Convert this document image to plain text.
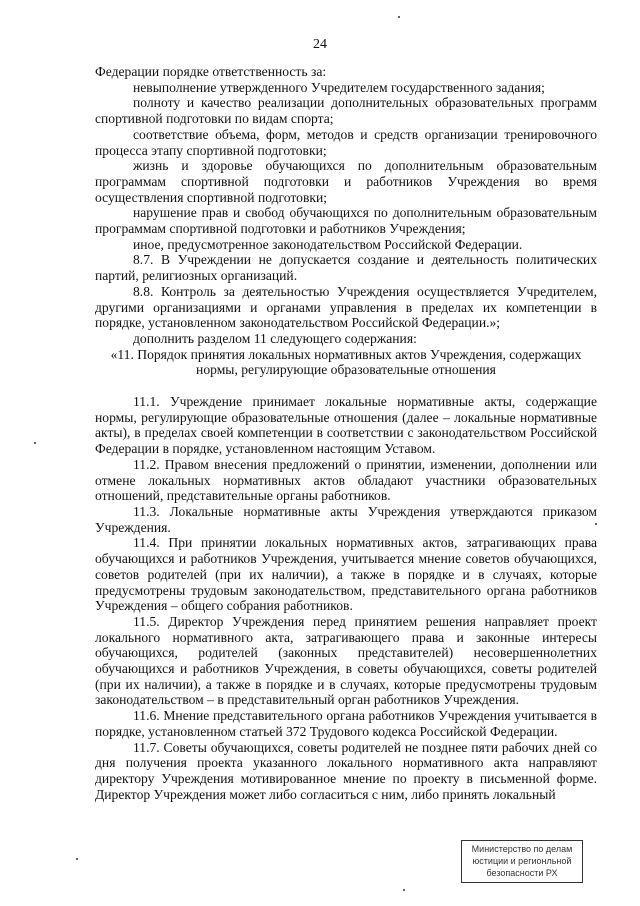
24

Федерации порядке ответственность за:

невыполнение утвержденного Учредителем государственного задания;

полноту и качество реализации дополнительных образовательных программ спортивной подготовки по видам спорта;

соответствие объема, форм, методов и средств организации тренировочного процесса этапу спортивной подготовки;

жизнь и здоровье обучающихся по дополнительным образовательным программам спортивной подготовки и работников Учреждения во время осуществления спортивной подготовки;

нарушение прав и свобод обучающихся по дополнительным образовательным программам спортивной подготовки и работников Учреждения;

иное, предусмотренное законодательством Российской Федерации.

8.7. В Учреждении не допускается создание и деятельность политических партий, религиозных организаций.

8.8. Контроль за деятельностью Учреждения осуществляется Учредителем, другими организациями и органами управления в пределах их компетенции в порядке, установленном законодательством Российской Федерации.»;

дополнить разделом 11 следующего содержания:

«11. Порядок принятия локальных нормативных актов Учреждения, содержащих нормы, регулирующие образовательные отношения

11.1. Учреждение принимает локальные нормативные акты, содержащие нормы, регулирующие образовательные отношения (далее – локальные нормативные акты), в пределах своей компетенции в соответствии с законодательством Российской Федерации в порядке, установленном настоящим Уставом.

11.2. Правом внесения предложений о принятии, изменении, дополнении или отмене локальных нормативных актов обладают участники образовательных отношений, представительные органы работников.

11.3. Локальные нормативные акты Учреждения утверждаются приказом Учреждения.

11.4. При принятии локальных нормативных актов, затрагивающих права обучающихся и работников Учреждения, учитывается мнение советов обучающихся, советов родителей (при их наличии), а также в порядке и в случаях, которые предусмотрены трудовым законодательством, представительного органа работников Учреждения – общего собрания работников.

11.5. Директор Учреждения перед принятием решения направляет проект локального нормативного акта, затрагивающего права и законные интересы обучающихся, родителей (законных представителей) несовершеннолетних обучающихся и работников Учреждения, в советы обучающихся, советы родителей (при их наличии), а также в порядке и в случаях, которые предусмотрены трудовым законодательством – в представительный орган работников Учреждения.

11.6. Мнение представительного органа работников Учреждения учитывается в порядке, установленном статьей 372 Трудового кодекса Российской Федерации.

11.7. Советы обучающихся, советы родителей не позднее пяти рабочих дней со дня получения проекта указанного локального нормативного акта направляют директору Учреждения мотивированное мнение по проекту в письменной форме. Директор Учреждения может либо согласиться с ним, либо принять локальный

Министерство по делам
юстиции и регионльной
безопасности РХ
